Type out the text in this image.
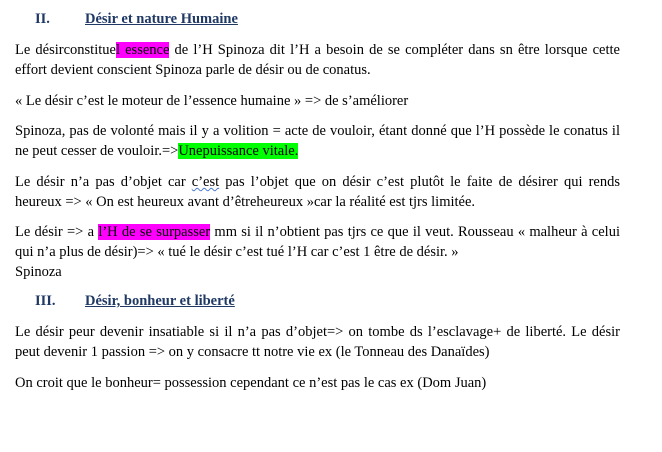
II. Désir et nature Humaine
Le désirconstituel essence de l’H Spinoza dit l’H a besoin de se compléter dans sn être lorsque cette effort devient conscient Spinoza parle de désir ou de conatus.
« Le désir c’est le moteur de l’essence humaine » => de s’améliorer
Spinoza, pas de volonté mais il y a volition = acte de vouloir, étant donné que l’H possède le conatus il ne peut cesser de vouloir.=>Unepuissance vitale.
Le désir n’a pas d’objet car c’est pas l’objet que on désir c’est plutôt le faite de désirer qui rends heureux => « On est heureux avant d’êtreheureux »car la réalité est tjrs limitée.
Le désir => a l’H de se surpasser mm si il n’obtient pas tjrs ce que il veut. Rousseau « malheur à celui qui n’a plus de désir)=> « tué le désir c’est tué l’H car c’est 1 être de désir. »
Spinoza
III. Désir, bonheur et liberté
Le désir peur devenir insatiable si il n’a pas d’objet=> on tombe ds l’esclavage+ de liberté. Le désir peut devenir 1 passion => on y consacre tt notre vie ex (le Tonneau des Danaïdes)
On croit que le bonheur= possession cependant ce n’est pas le cas ex (Dom Juan)
